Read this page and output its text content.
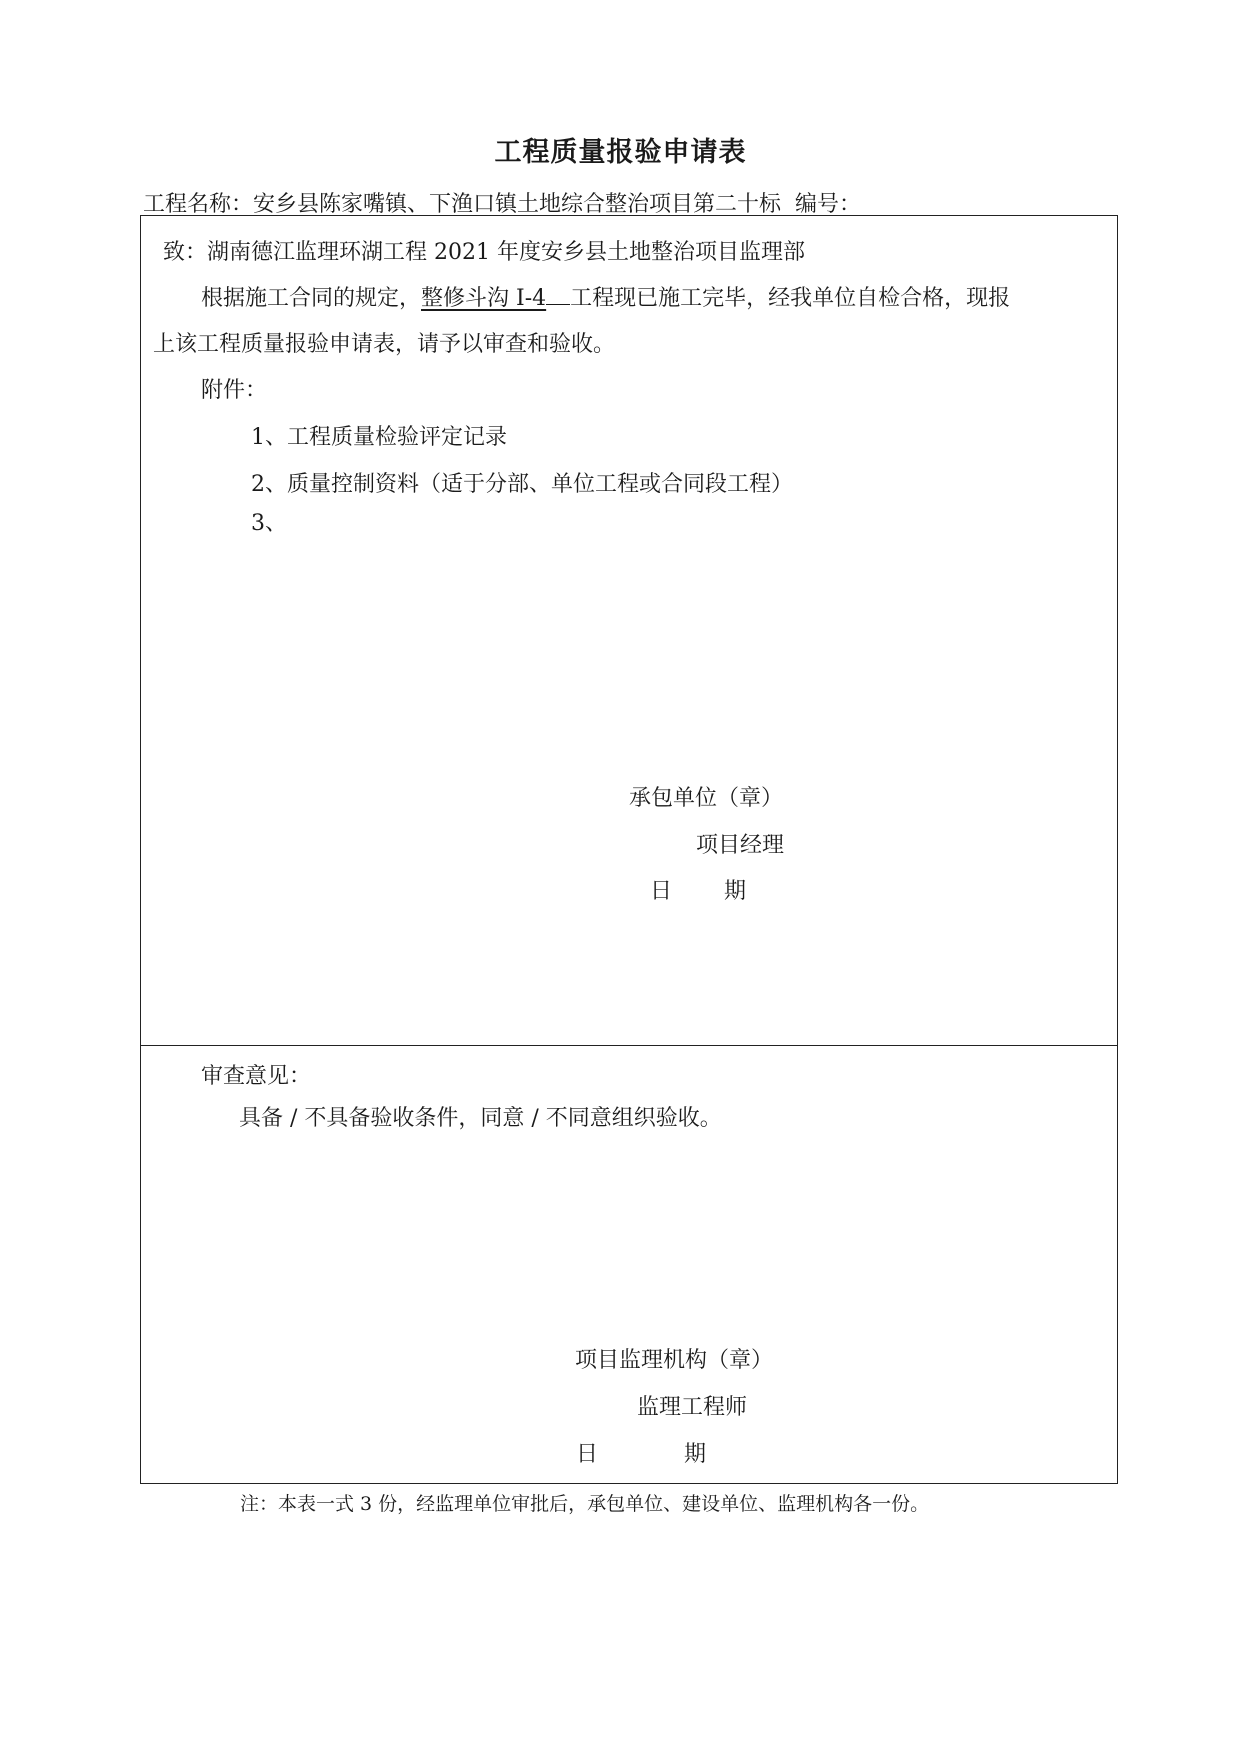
工程质量报验申请表
工程名称：安乡县陈家嘴镇、下渔口镇土地综合整治项目第二十标 编号：
致：湖南德江监理环湖工程 2021 年度安乡县土地整治项目监理部
根据施工合同的规定，整修斗沟 I-4 工程现已施工完毕，经我单位自检合格，现报
上该工程质量报验申请表，请予以审查和验收。
附件：
1、工程质量检验评定记录
2、质量控制资料（适于分部、单位工程或合同段工程）
3、
承包单位（章）
项目经理
日 期
审查意见：
具备 / 不具备验收条件，同意 / 不同意组织验收。
项目监理机构（章）
监理工程师
日	期
注：本表一式 3 份，经监理单位审批后，承包单位、建设单位、监理机构各一份。
